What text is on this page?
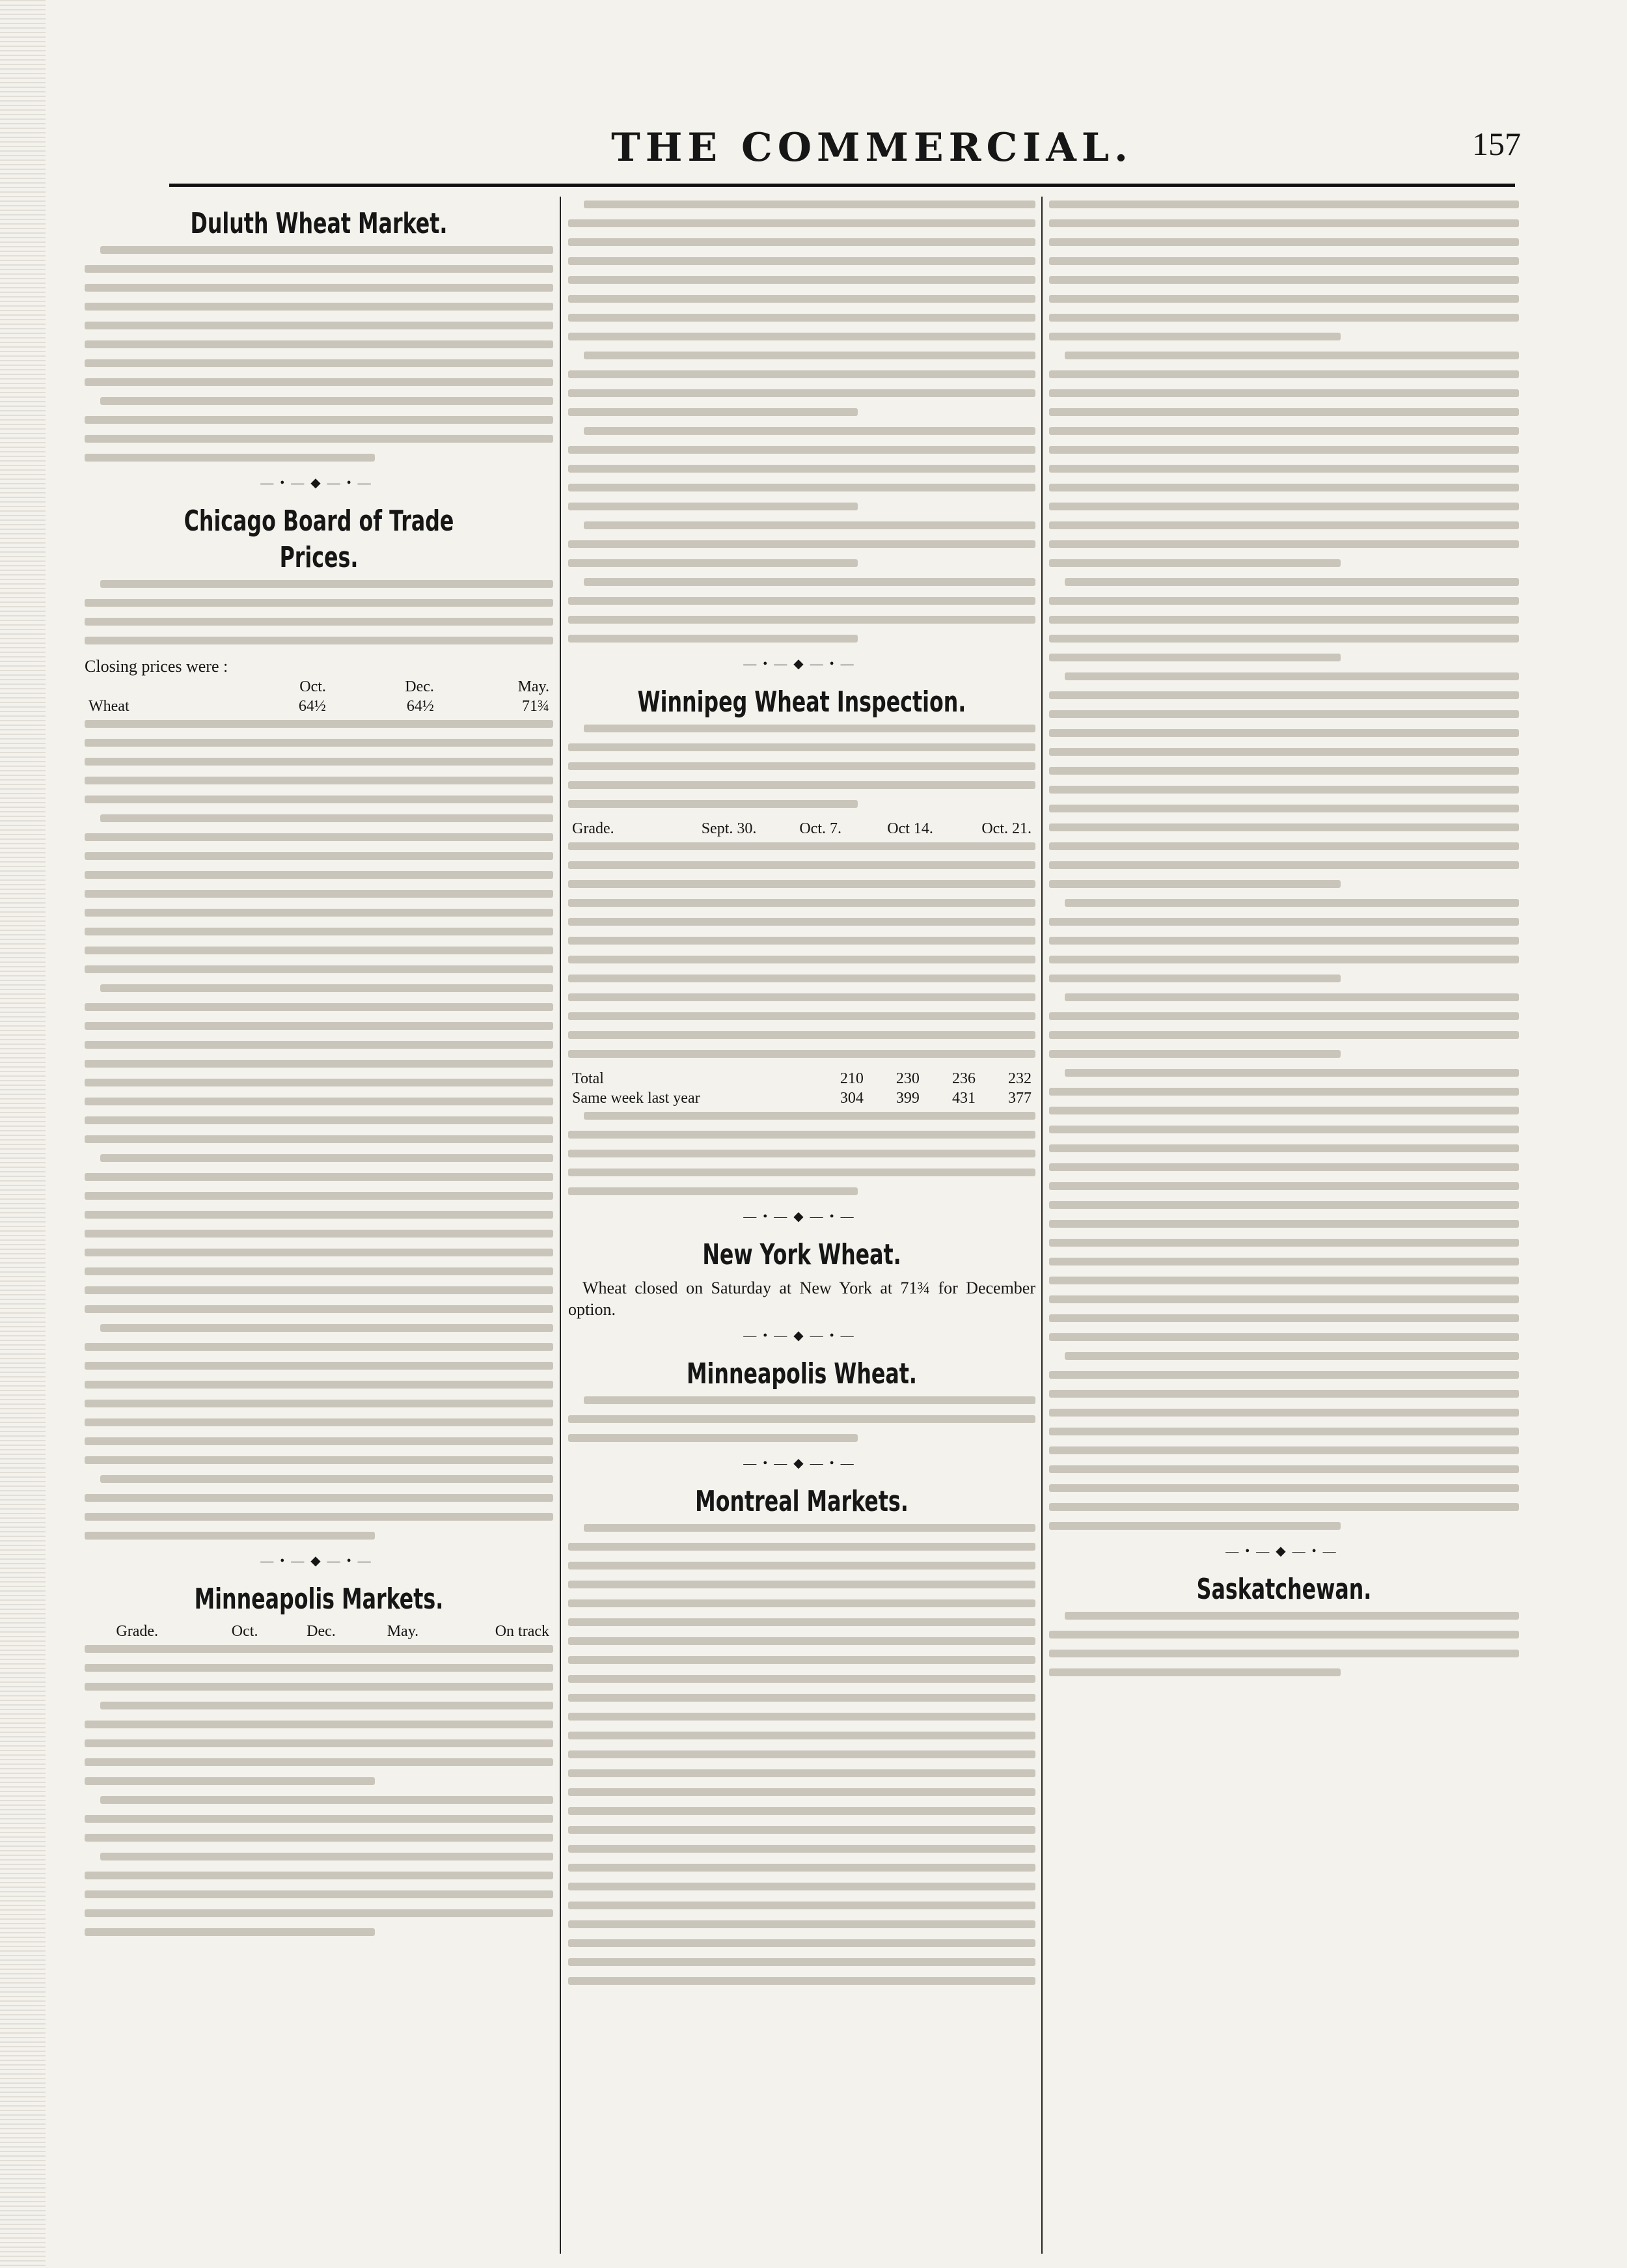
THE COMMERCIAL.	157
Duluth Wheat Market.
—•—◆—•—
Chicago Board of Trade Prices.
Closing prices were :
	Oct.	Dec.	May.
Wheat	64½	64½	71¾
—•—◆—•—
Minneapolis Markets.
Grade.	Oct.	Dec.	May.	On track
—•—◆—•—
Winnipeg Wheat Inspection.
Grade.	Sept. 30.	Oct. 7.	Oct 14.	Oct. 21.
Total	210	230	236	232
Same week last year	304	399	431	377
—•—◆—•—
New York Wheat.

Wheat closed on Saturday at New York at 71¾ for December option.

—•—◆—•—
Minneapolis Wheat.
—•—◆—•—
Montreal Markets.
—•—◆—•—
Saskatchewan.
